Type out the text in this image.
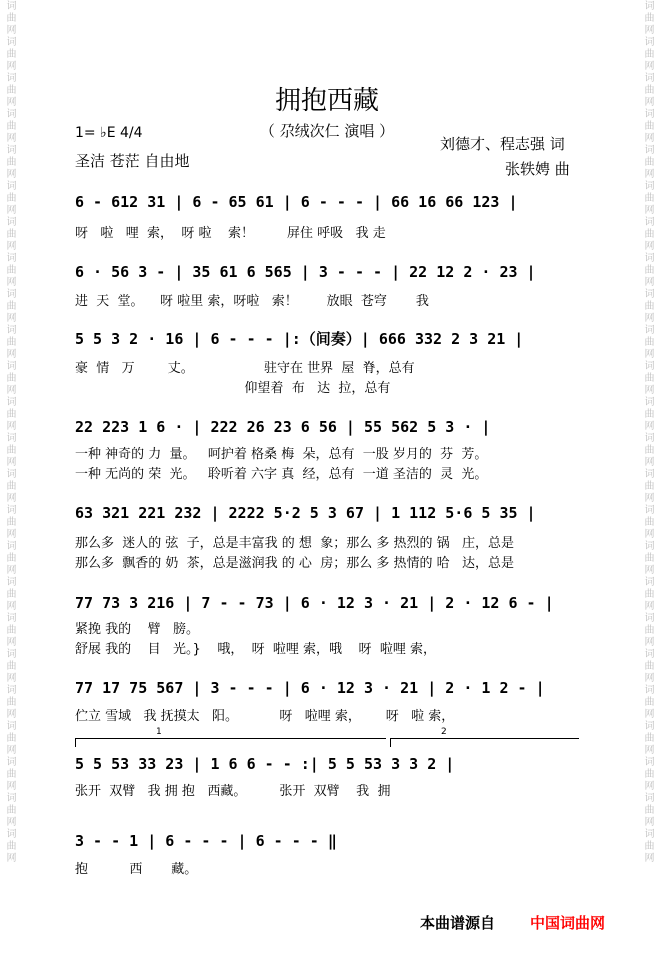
词曲网词曲网词曲网词曲网词曲网词曲网词曲网词曲网词曲网词曲网词曲网词曲网词曲网词曲网词曲网词曲网词曲网词曲网词曲网词曲网词曲网词曲网词曲网词曲网	词曲网词曲网词曲网词曲网词曲网词曲网词曲网词曲网词曲网词曲网词曲网词曲网词曲网词曲网词曲网词曲网词曲网词曲网词曲网词曲网词曲网词曲网词曲网词曲网
拥抱西藏
（ 尕绒次仁 演唱 ）
1= ♭E 4/4
圣洁 苍茫 自由地
刘德才、程志强 词
张轶娉 曲
6 - 612 31 | 6 - 65 61 | 6 - - - | 66 16 66 123 |
呀   啦   哩  索，  呀 啦    索！        屏住 呼吸   我 走
6 · 56 3 - | 35 61 6 565 | 3 - - - | 22 12 2 · 23 |
进  天  堂。    呀 啦里 索，呀啦   索！       放眼  苍穹       我
5 5 3 2 · 16 | 6 - - - |:（间奏）| 666 332 2 3 21 |
豪  情   万        丈。                 驻守在 世界  屋  脊，总有
仰望着  布   达  拉，总有
22 223 1 6 · | 222 26 23 6 56 | 55 562 5 3 · |
一种 神奇的 力  量。   呵护着 格桑 梅  朵，总有  一股 岁月的  芬  芳。
一种 无尚的 荣  光。   聆听着 六字 真  经，总有  一道 圣洁的  灵  光。
63 321 221 232 | 2222 5·2 5 3 67 | 1 112 5·6 5 35 |
那么多  迷人的 弦  子，总是丰富我 的 想  象；那么 多 热烈的 锅   庄，总是
那么多  飘香的 奶  茶，总是滋润我 的 心  房；那么 多 热情的 哈   达，总是
77 73 3 216 | 7 - - 73 | 6 · 12 3 · 21 | 2 · 12 6 - |
紧挽 我的    臂   膀。
舒展 我的    目   光。}    哦，  呀  啦哩 索，哦    呀  啦哩 索，
77 17 75 567 | 3 - - - | 6 · 12 3 · 21 | 2 · 1 2 - |
伫立 雪域   我 抚摸太   阳。          呀   啦哩 索，      呀   啦 索，
1	2
5 5 53 33 23 | 1 6 6 - - :| 5 5 53 3 3 2 |
张开  双臂   我 拥 抱   西藏。        张开  双臂    我  拥
3 - - 1 | 6 - - - | 6 - - - ‖
抱          西       藏。
本曲谱源自 中国词曲网
